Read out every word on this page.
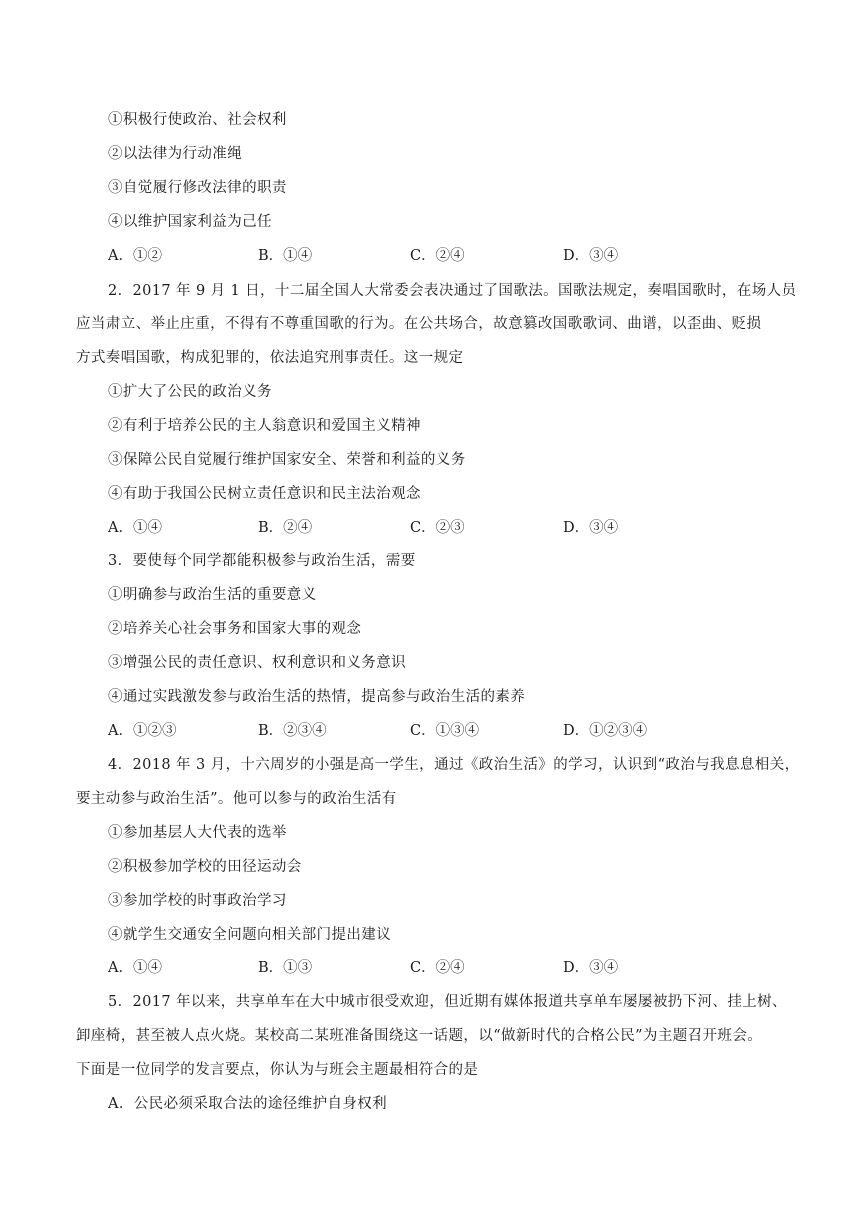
①积极行使政治、社会权利
②以法律为行动准绳
③自觉履行修改法律的职责
④以维护国家利益为己任
A．①②	B．①④	C．②④	D．③④
2．2017 年 9 月 1 日，十二届全国人大常委会表决通过了国歌法。国歌法规定，奏唱国歌时，在场人员
应当肃立、举止庄重，不得有不尊重国歌的行为。在公共场合，故意篡改国歌歌词、曲谱，以歪曲、贬损
方式奏唱国歌，构成犯罪的，依法追究刑事责任。这一规定
①扩大了公民的政治义务
②有利于培养公民的主人翁意识和爱国主义精神
③保障公民自觉履行维护国家安全、荣誉和利益的义务
④有助于我国公民树立责任意识和民主法治观念
A．①④	B．②④	C．②③	D．③④
3．要使每个同学都能积极参与政治生活，需要
①明确参与政治生活的重要意义
②培养关心社会事务和国家大事的观念
③增强公民的责任意识、权利意识和义务意识
④通过实践激发参与政治生活的热情，提高参与政治生活的素养
A．①②③	B．②③④	C．①③④	D．①②③④
4．2018 年 3 月，十六周岁的小强是高一学生，通过《政治生活》的学习，认识到“政治与我息息相关，
要主动参与政治生活”。他可以参与的政治生活有
①参加基层人大代表的选举
②积极参加学校的田径运动会
③参加学校的时事政治学习
④就学生交通安全问题向相关部门提出建议
A．①④	B．①③	C．②④	D．③④
5．2017 年以来，共享单车在大中城市很受欢迎，但近期有媒体报道共享单车屡屡被扔下河、挂上树、
卸座椅，甚至被人点火烧。某校高二某班准备围绕这一话题，以“做新时代的合格公民”为主题召开班会。
下面是一位同学的发言要点，你认为与班会主题最相符合的是
A．公民必须采取合法的途径维护自身权利
